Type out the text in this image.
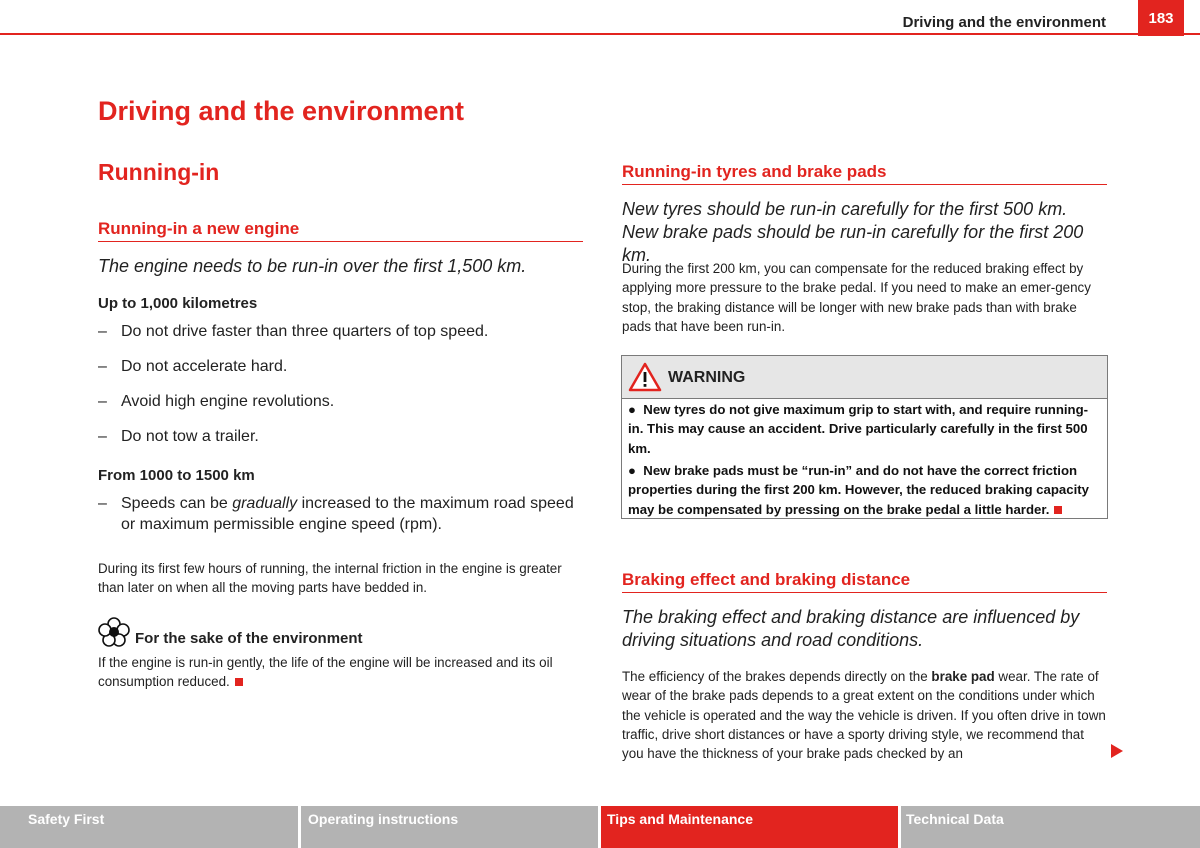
Driving and the environment	183
Driving and the environment
Running-in
Running-in a new engine
The engine needs to be run-in over the first 1,500 km.
Up to 1,000 kilometres
– Do not drive faster than three quarters of top speed.
– Do not accelerate hard.
– Avoid high engine revolutions.
– Do not tow a trailer.
From 1000 to 1500 km
– Speeds can be gradually increased to the maximum road speed or maximum permissible engine speed (rpm).
During its first few hours of running, the internal friction in the engine is greater than later on when all the moving parts have bedded in.
For the sake of the environment
If the engine is run-in gently, the life of the engine will be increased and its oil consumption reduced.
Running-in tyres and brake pads
New tyres should be run-in carefully for the first 500 km. New brake pads should be run-in carefully for the first 200 km.
During the first 200 km, you can compensate for the reduced braking effect by applying more pressure to the brake pedal. If you need to make an emer-gency stop, the braking distance will be longer with new brake pads than with brake pads that have been run-in.
WARNING
●  New tyres do not give maximum grip to start with, and require running-in. This may cause an accident. Drive particularly carefully in the first 500 km.
●  New brake pads must be “run-in” and do not have the correct friction properties during the first 200 km. However, the reduced braking capacity may be compensated by pressing on the brake pedal a little harder.
Braking effect and braking distance
The braking effect and braking distance are influenced by driving situations and road conditions.
The efficiency of the brakes depends directly on the brake pad wear. The rate of wear of the brake pads depends to a great extent on the conditions under which the vehicle is operated and the way the vehicle is driven. If you often drive in town traffic, drive short distances or have a sporty driving style, we recommend that you have the thickness of your brake pads checked by an
Safety First	Operating instructions	Tips and Maintenance	Technical Data
